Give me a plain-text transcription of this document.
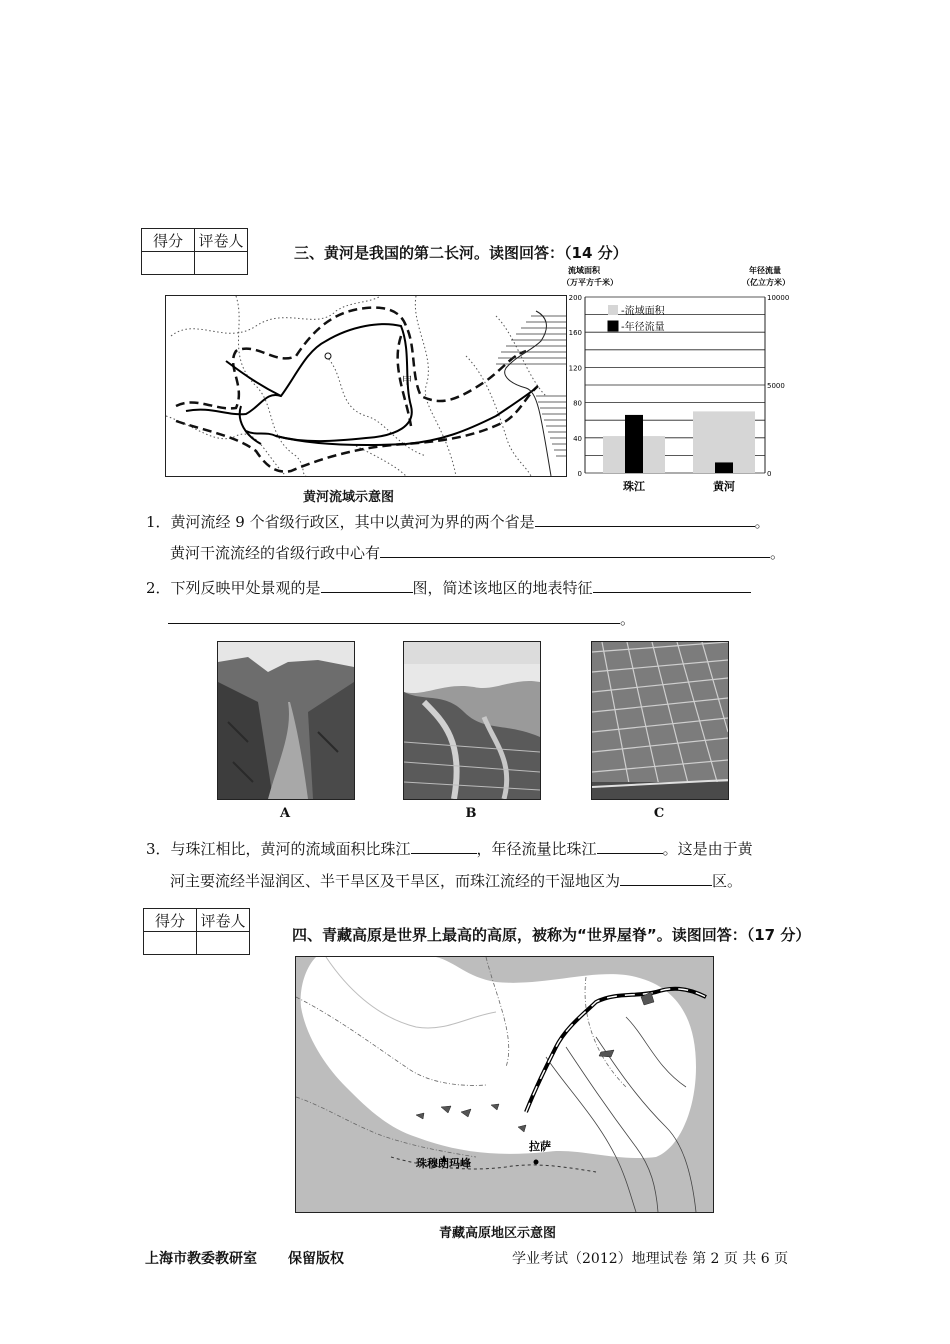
得分	评卷人

三、黄河是我国的第二长河。读图回答：（14 分）
甲
黄河流域示意图
流域面积
（万平方千米）
年径流量
（亿立方米）
0
40
80
120
160
200
0
5000
10000
-流域面积
-年径流量
珠江	黄河
1．黄河流经 9 个省级行政区，其中以黄河为界的两个省是	。
黄河干流流经的省级行政中心有	。
2．下列反映甲处景观的是	图，简述该地区的地表特征
。
A	B	C
3．与珠江相比，黄河的流域面积比珠江	，年径流量比珠江	。这是由于黄
河主要流经半湿润区、半干旱区及干旱区，而珠江流经的干湿地区为	区。
得分	评卷人

四、青藏高原是世界上最高的高原，被称为“世界屋脊”。读图回答：（17 分）
拉萨
珠穆朗玛峰
青藏高原地区示意图
上海市教委教研室 保留版权	学业考试（2012）地理试卷 第 2 页 共 6 页
